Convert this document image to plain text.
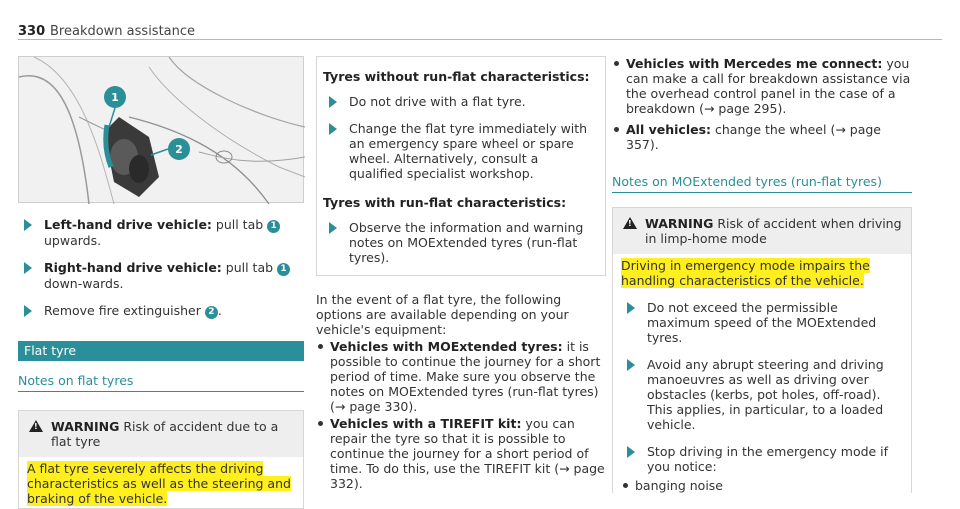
330 Breakdown assistance
1
2
Left-hand drive vehicle: pull tab 1 upwards.
Right-hand drive vehicle: pull tab 1 down-wards.
Remove fire extinguisher 2 .
Flat tyre
Notes on flat tyres
!
WARNING Risk of accident due to a flat tyre
A flat tyre severely affects the driving characteristics as well as the steering and braking of the vehicle.
Tyres without run-flat characteristics:
Do not drive with a flat tyre.
Change the flat tyre immediately with an emergency spare wheel or spare wheel. Alternatively, consult a qualified specialist workshop.
Tyres with run-flat characteristics:
Observe the information and warning notes on MOExtended tyres (run-flat tyres).
In the event of a flat tyre, the following options are available depending on your vehicle's equipment:
Vehicles with MOExtended tyres: it is possible to continue the journey for a short period of time. Make sure you observe the notes on MOExtended tyres (run-flat tyres) (→ page 330).
Vehicles with a TIREFIT kit: you can repair the tyre so that it is possible to continue the journey for a short period of time. To do this, use the TIREFIT kit (→ page 332).
Vehicles with Mercedes me connect: you can make a call for breakdown assistance via the overhead control panel in the case of a breakdown (→ page 295).
All vehicles: change the wheel (→ page 357).
Notes on MOExtended tyres (run-flat tyres)
!
WARNING Risk of accident when driving in limp-home mode
Driving in emergency mode impairs the handling characteristics of the vehicle.
Do not exceed the permissible maximum speed of the MOExtended tyres.
Avoid any abrupt steering and driving manoeuvres as well as driving over obstacles (kerbs, pot holes, off-road). This applies, in particular, to a loaded vehicle.
Stop driving in the emergency mode if you notice:
banging noise
